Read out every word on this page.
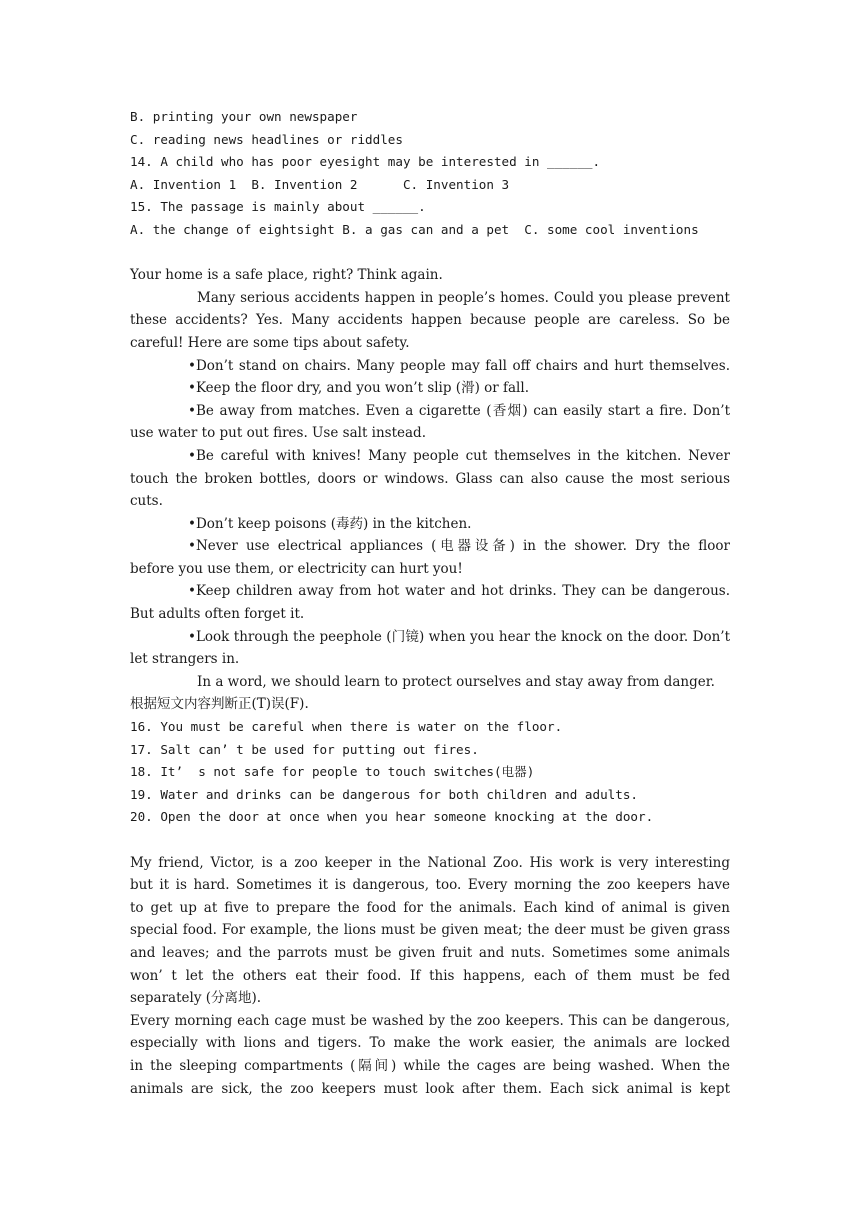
B. printing your own newspaper
C. reading news headlines or riddles
14. A child who has poor eyesight may be interested in ______.
A. Invention 1  B. Invention 2      C. Invention 3
15. The passage is mainly about ______.
A. the change of eightsight B. a gas can and a pet  C. some cool inventions
Your home is a safe place, right? Think again.
Many serious accidents happen in people’s homes. Could you please prevent
these accidents? Yes. Many accidents happen because people are careless. So be
careful! Here are some tips about safety.
•Don’t stand on chairs. Many people may fall off chairs and hurt themselves.
•Keep the floor dry, and you won’t slip (滑) or fall.
•Be away from matches. Even a cigarette (香烟) can easily start a fire. Don’t
use water to put out fires. Use salt instead.
•Be careful with knives! Many people cut themselves in the kitchen. Never
touch the broken bottles, doors or windows. Glass can also cause the most serious
cuts.
•Don’t keep poisons (毒药) in the kitchen.
•Never use electrical appliances (电器设备) in the shower. Dry the floor
before you use them, or electricity can hurt you!
•Keep children away from hot water and hot drinks. They can be dangerous.
But adults often forget it.
•Look through the peephole (门镜) when you hear the knock on the door. Don’t
let strangers in.
In a word, we should learn to protect ourselves and stay away from danger.
根据短文内容判断正(T)误(F).
16. You must be careful when there is water on the floor.
17. Salt can’ t be used for putting out fires.
18. It’  s not safe for people to touch switches(电器)
19. Water and drinks can be dangerous for both children and adults.
20. Open the door at once when you hear someone knocking at the door.
My friend, Victor, is a zoo keeper in the National Zoo. His work is very interesting
but it is hard. Sometimes it is dangerous, too. Every morning the zoo keepers have
to get up at five to prepare the food for the animals. Each kind of animal is given
special food. For example, the lions must be given meat; the deer must be given grass
and leaves; and the parrots must be given fruit and nuts. Sometimes some animals
won’ t let the others eat their food. If this happens, each of them must be fed
separately (分离地).
Every morning each cage must be washed by the zoo keepers. This can be dangerous,
especially with lions and tigers. To make the work easier, the animals are locked
in the sleeping compartments (隔间) while the cages are being washed. When the
animals are sick, the zoo keepers must look after them. Each sick animal is kept
